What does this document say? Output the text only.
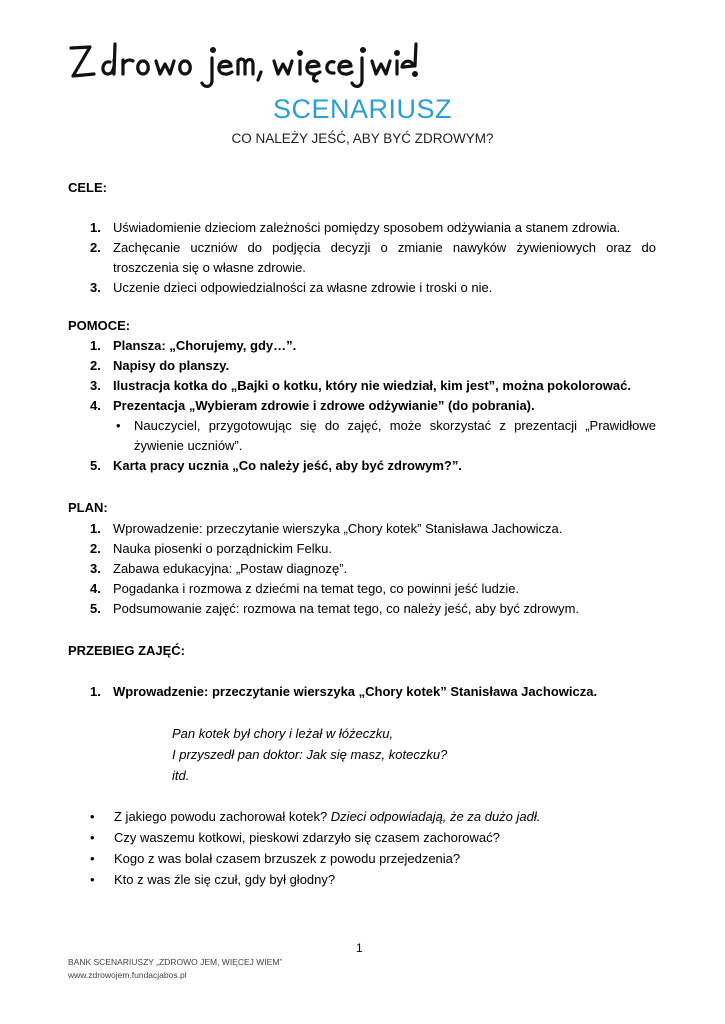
SCENARIUSZ
CO NALEŻY JEŚĆ, ABY BYĆ ZDROWYM?
CELE:
1. Uświadomienie dzieciom zależności pomiędzy sposobem odżywiania a stanem zdrowia.
2. Zachęcanie uczniów do podjęcia decyzji o zmianie nawyków żywieniowych oraz do troszczenia się o własne zdrowie.
3. Uczenie dzieci odpowiedzialności za własne zdrowie i troski o nie.
POMOCE:
1. Plansza: „Chorujemy, gdy…”.
2. Napisy do planszy.
3. Ilustracja kotka do „Bajki o kotku, który nie wiedział, kim jest”, można pokolorować.
4. Prezentacja „Wybieram zdrowie i zdrowe odżywianie” (do pobrania).
• Nauczyciel, przygotowując się do zajęć, może skorzystać z prezentacji „Prawidłowe żywienie uczniów”.
5. Karta pracy ucznia „Co należy jeść, aby być zdrowym?”.
PLAN:
1. Wprowadzenie: przeczytanie wierszyka „Chory kotek” Stanisława Jachowicza.
2. Nauka piosenki o porządnickim Felku.
3. Zabawa edukacyjna: „Postaw diagnozę”.
4. Pogadanka i rozmowa z dziećmi na temat tego, co powinni jeść ludzie.
5. Podsumowanie zajęć: rozmowa na temat tego, co należy jeść, aby być zdrowym.
PRZEBIEG ZAJĘĆ:
1. Wprowadzenie: przeczytanie wierszyka „Chory kotek” Stanisława Jachowicza.
Pan kotek był chory i leżał w łóżeczku,
I przyszedł pan doktor: Jak się masz, koteczku?
itd.
• Z jakiego powodu zachorował kotek? Dzieci odpowiadają, że za dużo jadł.
• Czy waszemu kotkowi, pieskowi zdarzyło się czasem zachorować?
• Kogo z was bolał czasem brzuszek z powodu przejedzenia?
• Kto z was źle się czuł, gdy był głodny?
1
BANK SCENARIUSZY „ZDROWO JEM, WIĘCEJ WIEM”
www.zdrowojem.fundacjabos.pl
